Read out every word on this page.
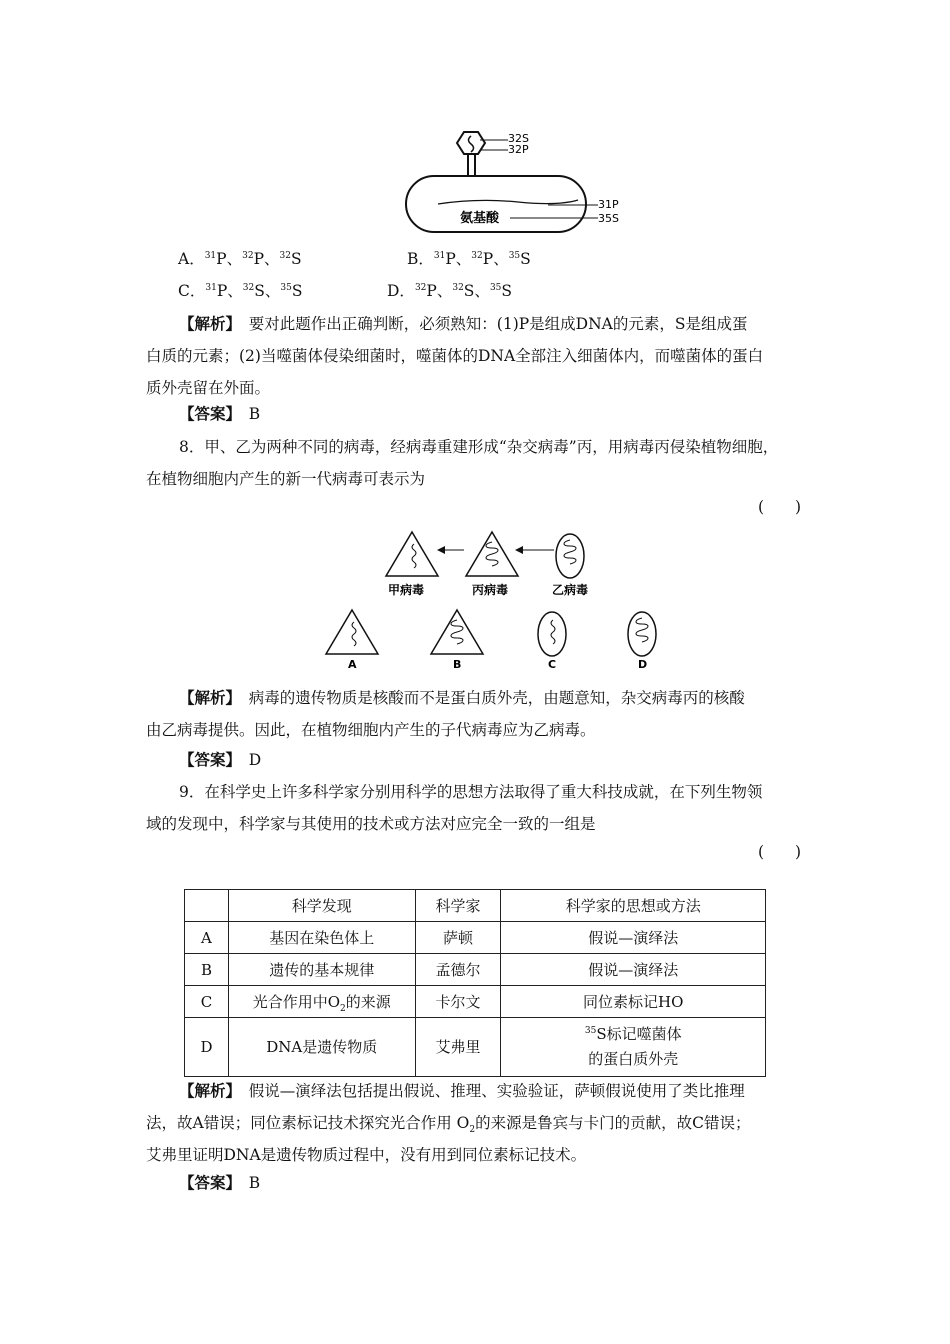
32S
32P
31P
35S
氨基酸
A．$^{31}$P、$^{32}$P、$^{32}$S	B．$^{31}$P、$^{32}$P、$^{35}$S
C．$^{31}$P、$^{32}$S、$^{35}$S	D．$^{32}$P、$^{32}$S、$^{35}$S
【解析】　 要对此题作出正确判断，必须熟知：(1)P是组成DNA的元素，S是组成蛋
白质的元素；(2)当噬菌体侵染细菌时，噬菌体的DNA全部注入细菌体内，而噬菌体的蛋白
质外壳留在外面。
【答案】　 B
8．甲、乙为两种不同的病毒，经病毒重建形成“杂交病毒”丙，用病毒丙侵染植物细胞，
在植物细胞内产生的新一代病毒可表示为
(　　)
甲病毒	丙病毒	乙病毒
A	B	C	D
【解析】　 病毒的遗传物质是核酸而不是蛋白质外壳，由题意知，杂交病毒丙的核酸
由乙病毒提供。因此，在植物细胞内产生的子代病毒应为乙病毒。
【答案】　 D
9．在科学史上许多科学家分别用科学的思想方法取得了重大科技成就，在下列生物领
域的发现中，科学家与其使用的技术或方法对应完全一致的一组是
(　　)
	科学发现	科学家	科学家的思想或方法
A	基因在染色体上	萨顿	假说—演绎法
B	遗传的基本规律	孟德尔	假说—演绎法
C	光合作用中$O_2$的来源	卡尔文	同位素标记HO
D	DNA是遗传物质	艾弗里	$^{35}$S标记噬菌体
的蛋白质外壳
【解析】　 假说—演绎法包括提出假说、推理、实验验证，萨顿假说使用了类比推理
法，故A错误；同位素标记技术探究光合作用 $O_2$的来源是鲁宾与卡门的贡献，故C错误；
艾弗里证明DNA是遗传物质过程中，没有用到同位素标记技术。
【答案】　 B
